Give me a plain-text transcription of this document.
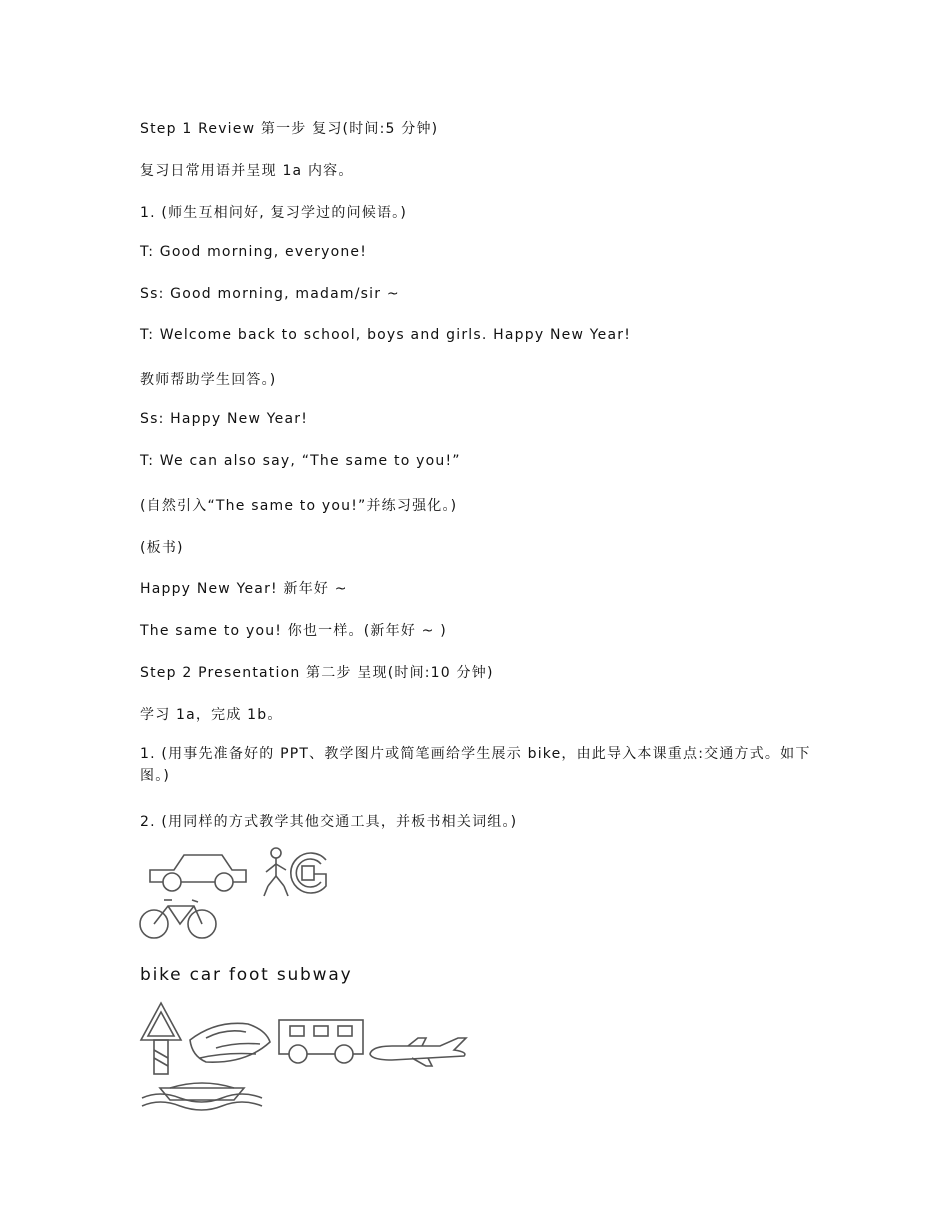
Step 1 Review 第一步 复习(时间:5 分钟)
复习日常用语并呈现 1a 内容。
1. (师生互相问好, 复习学过的问候语。)
T: Good morning, everyone!
Ss: Good morning, madam/sir ~
T: Welcome back to school, boys and girls. Happy New Year!
教师帮助学生回答。)
Ss: Happy New Year!
T: We can also say, “The same to you!”
(自然引入“The same to you!”并练习强化。)
(板书)
Happy New Year! 新年好 ~
The same to you! 你也一样。(新年好 ~ )
Step 2 Presentation 第二步 呈现(时间:10 分钟)
学习 1a，完成 1b。
1. (用事先准备好的 PPT、教学图片或简笔画给学生展示 bike，由此导入本课重点:交通方式。如下图。)
2. (用同样的方式教学其他交通工具，并板书相关词组。)
bike car foot subway
